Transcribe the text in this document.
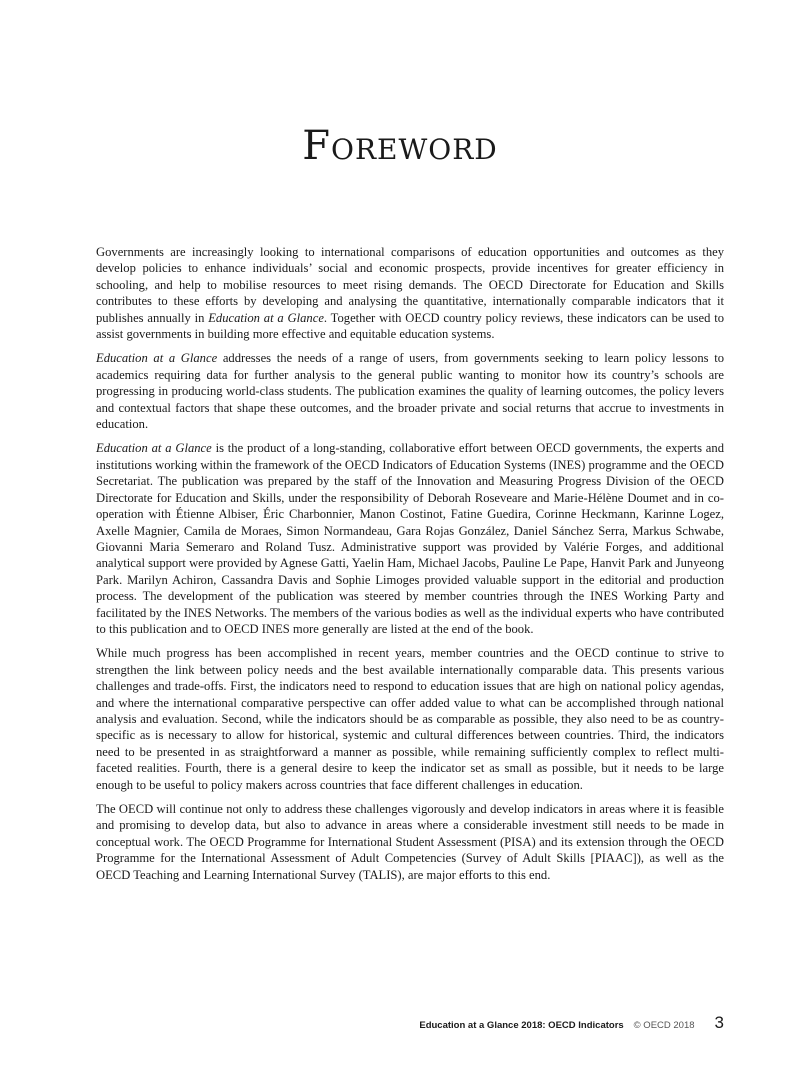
Foreword

Governments are increasingly looking to international comparisons of education opportunities and outcomes as they develop policies to enhance individuals’ social and economic prospects, provide incentives for greater efficiency in schooling, and help to mobilise resources to meet rising demands. The OECD Directorate for Education and Skills contributes to these efforts by developing and analysing the quantitative, internationally comparable indicators that it publishes annually in Education at a Glance. Together with OECD country policy reviews, these indicators can be used to assist governments in building more effective and equitable education systems.

Education at a Glance addresses the needs of a range of users, from governments seeking to learn policy lessons to academics requiring data for further analysis to the general public wanting to monitor how its country’s schools are progressing in producing world-class students. The publication examines the quality of learning outcomes, the policy levers and contextual factors that shape these outcomes, and the broader private and social returns that accrue to investments in education.

Education at a Glance is the product of a long-standing, collaborative effort between OECD governments, the experts and institutions working within the framework of the OECD Indicators of Education Systems (INES) programme and the OECD Secretariat. The publication was prepared by the staff of the Innovation and Measuring Progress Division of the OECD Directorate for Education and Skills, under the responsibility of Deborah Roseveare and Marie-Hélène Doumet and in co-operation with Étienne Albiser, Éric Charbonnier, Manon Costinot, Fatine Guedira, Corinne Heckmann, Karinne Logez, Axelle Magnier, Camila de Moraes, Simon Normandeau, Gara Rojas González, Daniel Sánchez Serra, Markus Schwabe, Giovanni Maria Semeraro and Roland Tusz. Administrative support was provided by Valérie Forges, and additional analytical support were provided by Agnese Gatti, Yaelin Ham, Michael Jacobs, Pauline Le Pape, Hanvit Park and Junyeong Park. Marilyn Achiron, Cassandra Davis and Sophie Limoges provided valuable support in the editorial and production process. The development of the publication was steered by member countries through the INES Working Party and facilitated by the INES Networks. The members of the various bodies as well as the individual experts who have contributed to this publication and to OECD INES more generally are listed at the end of the book.

While much progress has been accomplished in recent years, member countries and the OECD continue to strive to strengthen the link between policy needs and the best available internationally comparable data. This presents various challenges and trade-offs. First, the indicators need to respond to education issues that are high on national policy agendas, and where the international comparative perspective can offer added value to what can be accomplished through national analysis and evaluation. Second, while the indicators should be as comparable as possible, they also need to be as country-specific as is necessary to allow for historical, systemic and cultural differences between countries. Third, the indicators need to be presented in as straightforward a manner as possible, while remaining sufficiently complex to reflect multi-faceted realities. Fourth, there is a general desire to keep the indicator set as small as possible, but it needs to be large enough to be useful to policy makers across countries that face different challenges in education.

The OECD will continue not only to address these challenges vigorously and develop indicators in areas where it is feasible and promising to develop data, but also to advance in areas where a considerable investment still needs to be made in conceptual work. The OECD Programme for International Student Assessment (PISA) and its extension through the OECD Programme for the International Assessment of Adult Competencies (Survey of Adult Skills [PIAAC]), as well as the OECD Teaching and Learning International Survey (TALIS), are major efforts to this end.

Education at a Glance 2018: OECD Indicators © OECD 2018 3
